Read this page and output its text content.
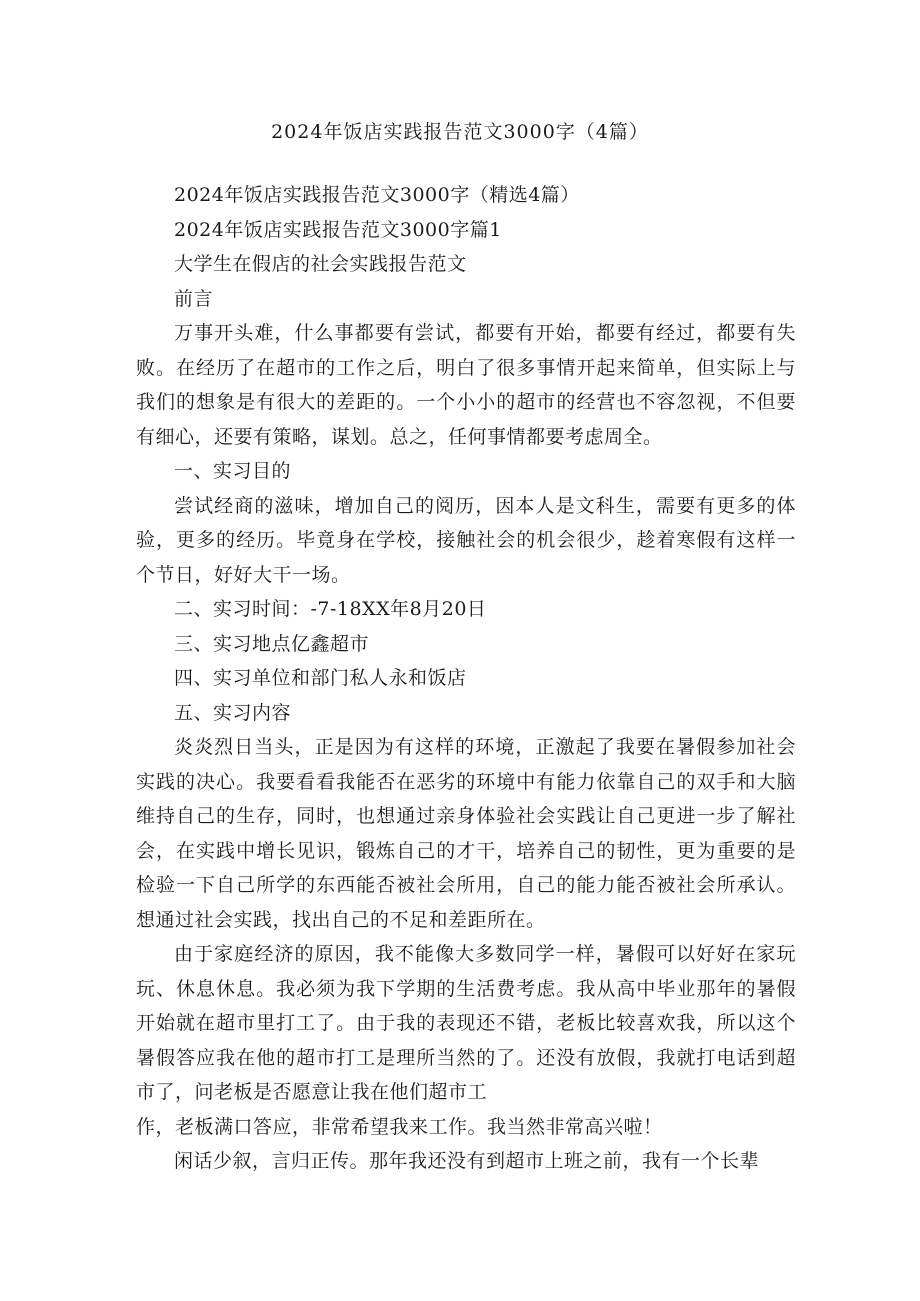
2024年饭店实践报告范文3000字（4篇）

2024年饭店实践报告范文3000字（精选4篇）

2024年饭店实践报告范文3000字篇1

大学生在假店的社会实践报告范文

前言

万事开头难，什么事都要有尝试，都要有开始，都要有经过，都要有失败。在经历了在超市的工作之后，明白了很多事情开起来简单，但实际上与我们的想象是有很大的差距的。一个小小的超市的经营也不容忽视，不但要有细心，还要有策略，谋划。总之，任何事情都要考虑周全。

一、实习目的

尝试经商的滋味，增加自己的阅历，因本人是文科生，需要有更多的体验，更多的经历。毕竟身在学校，接触社会的机会很少，趁着寒假有这样一个节日，好好大干一场。

二、实习时间：-7-18XX年8月20日

三、实习地点亿鑫超市

四、实习单位和部门私人永和饭店

五、实习内容

炎炎烈日当头，正是因为有这样的环境，正激起了我要在暑假参加社会实践的决心。我要看看我能否在恶劣的环境中有能力依靠自己的双手和大脑维持自己的生存，同时，也想通过亲身体验社会实践让自己更进一步了解社会，在实践中增长见识，锻炼自己的才干，培养自己的韧性，更为重要的是检验一下自己所学的东西能否被社会所用，自己的能力能否被社会所承认。想通过社会实践，找出自己的不足和差距所在。

由于家庭经济的原因，我不能像大多数同学一样，暑假可以好好在家玩玩、休息休息。我必须为我下学期的生活费考虑。我从高中毕业那年的暑假开始就在超市里打工了。由于我的表现还不错，老板比较喜欢我，所以这个暑假答应我在他的超市打工是理所当然的了。还没有放假，我就打电话到超市了，问老板是否愿意让我在他们超市工

作，老板满口答应，非常希望我来工作。我当然非常高兴啦！

闲话少叙，言归正传。那年我还没有到超市上班之前，我有一个长辈
